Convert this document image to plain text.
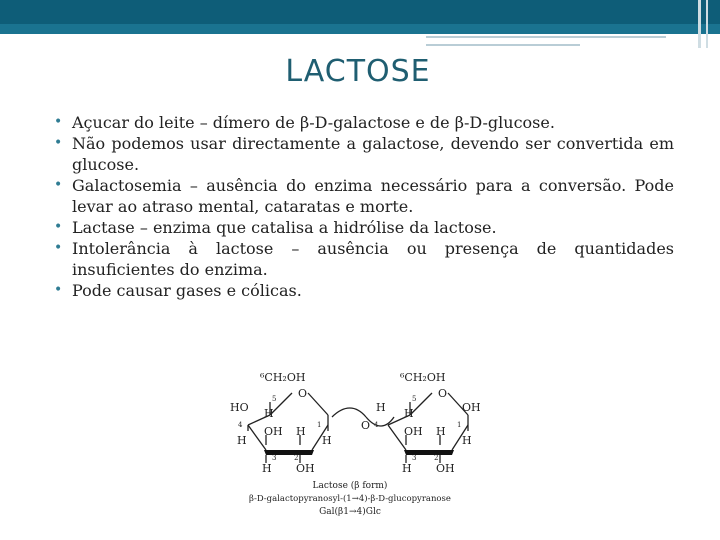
LACTOSE
• Açucar do leite – dímero de β-D-galactose e de β-D-glucose.
• Não podemos usar directamente a galactose, devendo ser convertida em glucose.
• Galactosemia – ausência do enzima necessário para a conversão. Pode levar ao atraso mental, cataratas e morte.
• Lactase – enzima que catalisa a hidrólise da lactose.
• Intolerância à lactose – ausência ou presença de quantidades insuficientes do enzima.
• Pode causar gases e cólicas.
⁶CH₂OH
5 O
HO
4
H
H
OH H 1
H
3	2
H OH
O
⁶CH₂OH
5 O
H
4
H	OH
OH H 1
H
3	2
H OH
Lactose (β form)
β-D-galactopyranosyl-(1→4)-β-D-glucopyranose
Gal(β1→4)Glc
